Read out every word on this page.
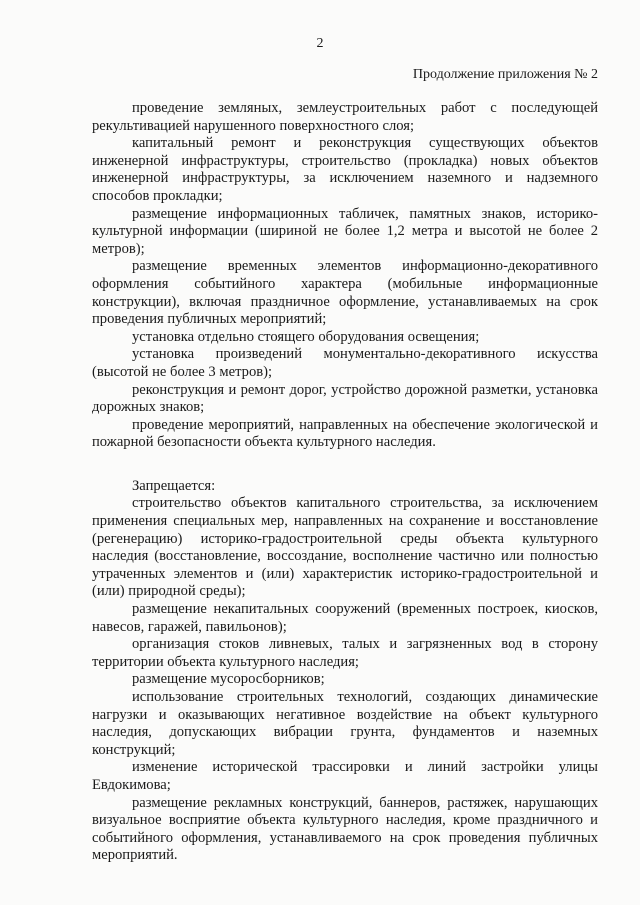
2
Продолжение приложения № 2

проведение земляных, землеустроительных работ с последующей рекультивацией нарушенного поверхностного слоя;

капитальный ремонт и реконструкция существующих объектов инженерной инфраструктуры, строительство (прокладка) новых объектов инженерной инфраструктуры, за исключением наземного и надземного способов прокладки;

размещение информационных табличек, памятных знаков, историко-культурной информации (шириной не более 1,2 метра и высотой не более 2 метров);

размещение временных элементов информационно-декоративного оформления событийного характера (мобильные информационные конструкции), включая праздничное оформление, устанавливаемых на срок проведения публичных мероприятий;

установка отдельно стоящего оборудования освещения;

установка произведений монументально-декоративного искусства (высотой не более 3 метров);

реконструкция и ремонт дорог, устройство дорожной разметки, установка дорожных знаков;

проведение мероприятий, направленных на обеспечение экологической и пожарной безопасности объекта культурного наследия.

Запрещается:

строительство объектов капитального строительства, за исключением применения специальных мер, направленных на сохранение и восстановление (регенерацию) историко-градостроительной среды объекта культурного наследия (восстановление, воссоздание, восполнение частично или полностью утраченных элементов и (или) характеристик историко-градостроительной и (или) природной среды);

размещение некапитальных сооружений (временных построек, киосков, навесов, гаражей, павильонов);

организация стоков ливневых, талых и загрязненных вод в сторону территории объекта культурного наследия;

размещение мусоросборников;

использование строительных технологий, создающих динамические нагрузки и оказывающих негативное воздействие на объект культурного наследия, допускающих вибрации грунта, фундаментов и наземных конструкций;

изменение исторической трассировки и линий застройки улицы Евдокимова;

размещение рекламных конструкций, баннеров, растяжек, нарушающих визуальное восприятие объекта культурного наследия, кроме праздничного и событийного оформления, устанавливаемого на срок проведения публичных мероприятий.
